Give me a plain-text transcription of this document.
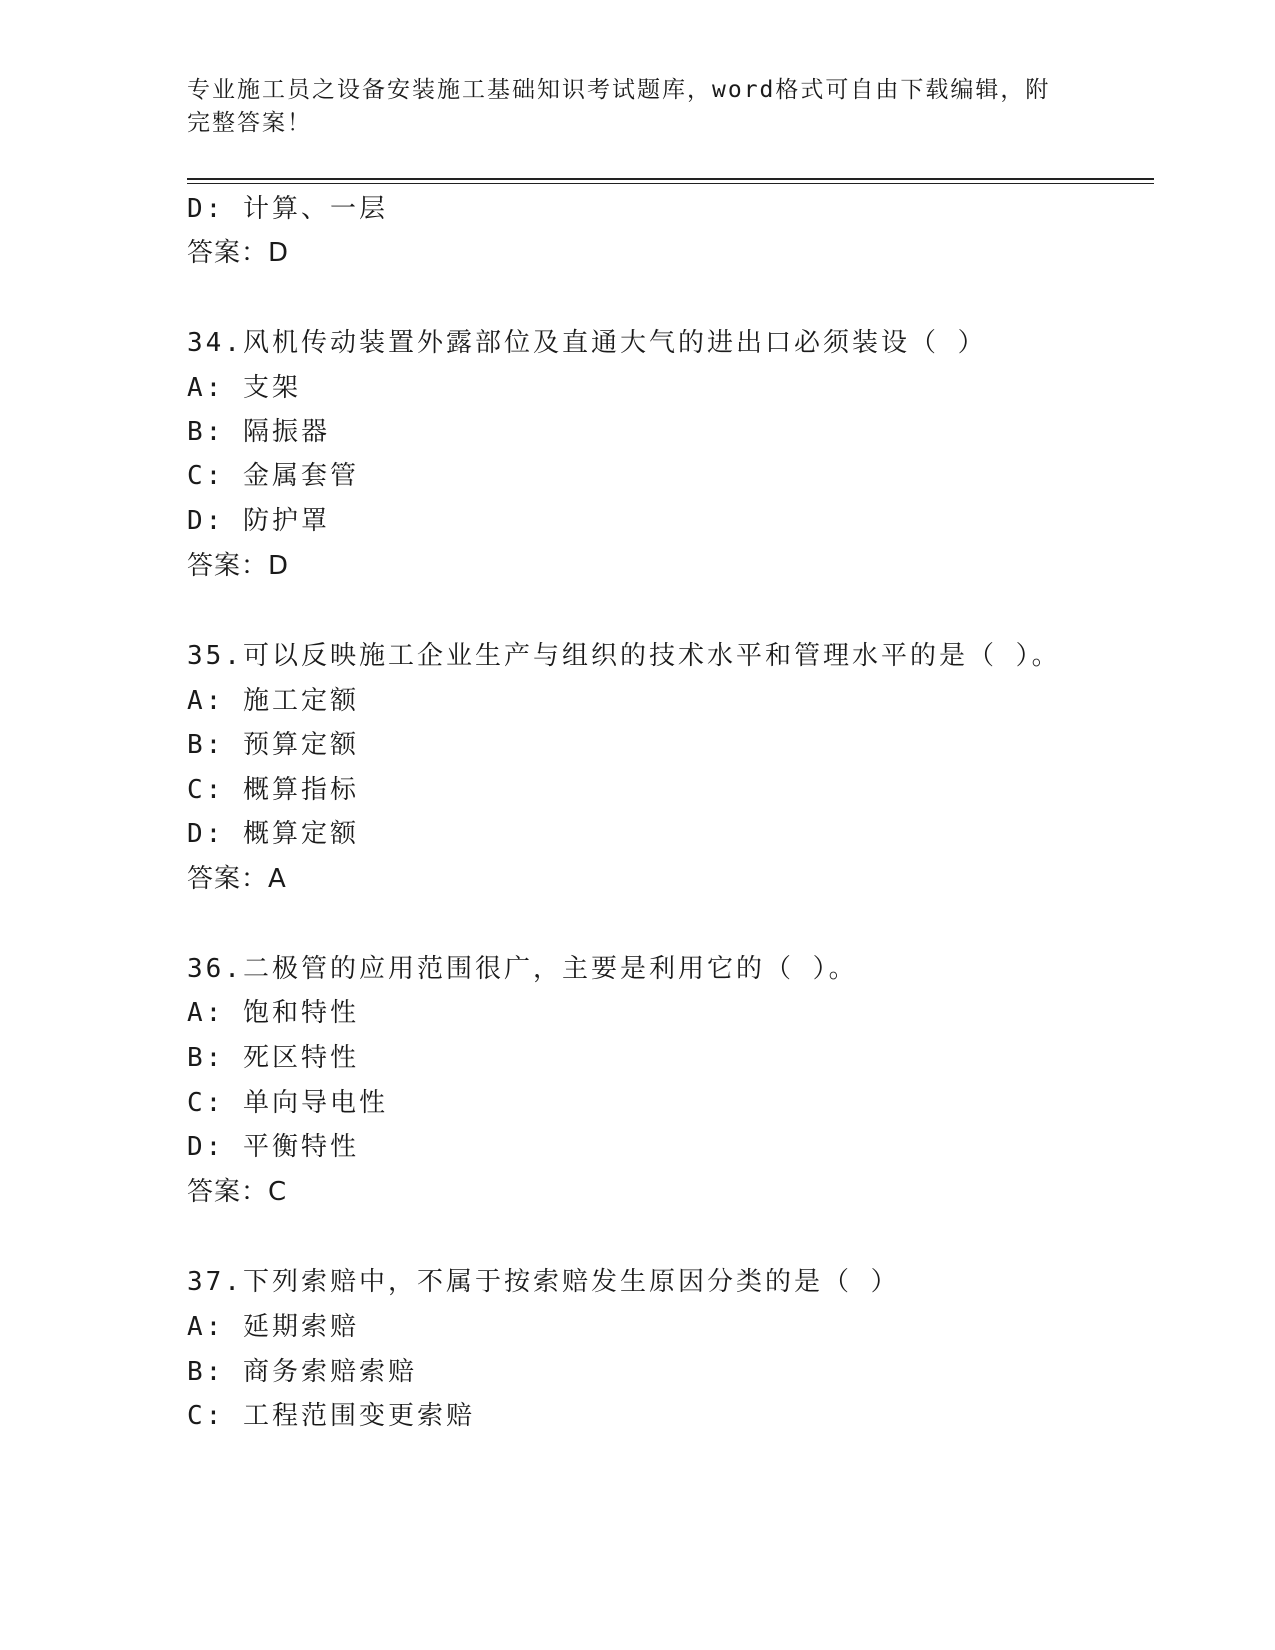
专业施工员之设备安装施工基础知识考试题库，word格式可自由下载编辑，附完整答案！
D: 计算、一层
答案：D
34.风机传动装置外露部位及直通大气的进出口必须装设（ ）
A: 支架
B: 隔振器
C: 金属套管
D: 防护罩
答案：D
35.可以反映施工企业生产与组织的技术水平和管理水平的是（ ）。
A: 施工定额
B: 预算定额
C: 概算指标
D: 概算定额
答案：A
36.二极管的应用范围很广，主要是利用它的（ ）。
A: 饱和特性
B: 死区特性
C: 单向导电性
D: 平衡特性
答案：C
37.下列索赔中，不属于按索赔发生原因分类的是（ ）
A: 延期索赔
B: 商务索赔索赔
C: 工程范围变更索赔
